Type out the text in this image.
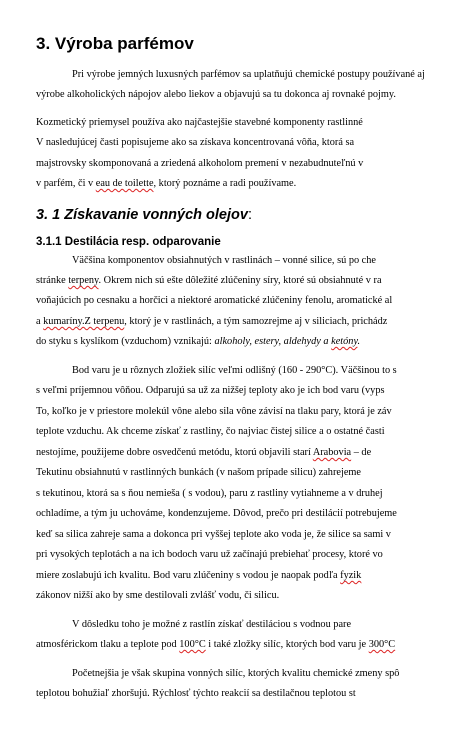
3. Výroba parfémov
Pri výrobe jemných luxusných parfémov sa uplatňujú chemické postupy používané aj
výrobe alkoholických nápojov alebo liekov a objavujú sa tu dokonca aj rovnaké pojmy.
Kozmetický priemysel používa ako najčastejšie stavebné komponenty rastlinné
V nasledujúcej časti popisujeme ako sa získava koncentrovaná vôňa, ktorá sa
majstrovsky skomponovaná a zriedená alkoholom premení v nezabudnuteľnú v
v parfém, či v eau de toilette, ktorý poznáme a radi používame.
3. 1 Získavanie vonných olejov:
3.1.1 Destilácia resp. odparovanie
Väčšina komponentov obsiahnutých v rastlinách – vonné silice, sú po che
stránke terpeny. Okrem nich sú ešte dôležité zlúčeniny síry, ktoré sú obsiahnuté v ra
voňajúcich po cesnaku a horčici a niektoré aromatické zlúčeniny fenolu, aromatické al
a kumaríny.Z terpenu, ktorý je v rastlinách, a tým samozrejme aj v siliciach, prichádz
do styku s kyslíkom (vzduchom) vznikajú: alkoholy, estery, aldehydy a ketóny.
Bod varu je u rôznych zložiek silíc veľmi odlišný (160 - 290°C). Väčšinou to s
s veľmi príjemnou vôňou. Odparujú sa už za nižšej teploty ako je ich bod varu (vyps
To, koľko je v priestore molekúl vône alebo sila vône závisí na tlaku pary, ktorá je záv
teplote vzduchu. Ak chceme získať z rastliny, čo najviac čistej silice a o ostatné časti
nestojíme, použijeme dobre osvedčenú metódu, ktorú objavili starí Arabovia – de
Tekutinu obsiahnutú v rastlinných bunkách (v našom prípade silicu) zahrejeme
s tekutinou, ktorá sa s ňou nemieša ( s vodou), paru z rastliny vytiahneme a v druhej
ochladíme, a tým ju uchováme, kondenzujeme. Dôvod, prečo pri destilácií potrebujeme
keď sa silica zahreje sama a dokonca pri vyššej teplote ako voda je, že silice sa sami v
pri vysokých teplotách a na ich bodoch varu už začínajú prebiehať procesy, ktoré vo
miere zoslabujú ich kvalitu. Bod varu zlúčeniny s vodou je naopak podľa fyzik
zákonov nižší ako by sme destilovali zvlášť vodu, či silicu.
V dôsledku toho je možné z rastlín získať destiláciou s vodnou pare
atmosférickom tlaku a teplote pod 100°C i také zložky silíc, ktorých bod varu je 300°C
Početnejšia je však skupina vonných silíc, ktorých kvalitu chemické zmeny spô
teplotou bohužiaľ zhoršujú. Rýchlosť týchto reakcií sa destilačnou teplotou st
